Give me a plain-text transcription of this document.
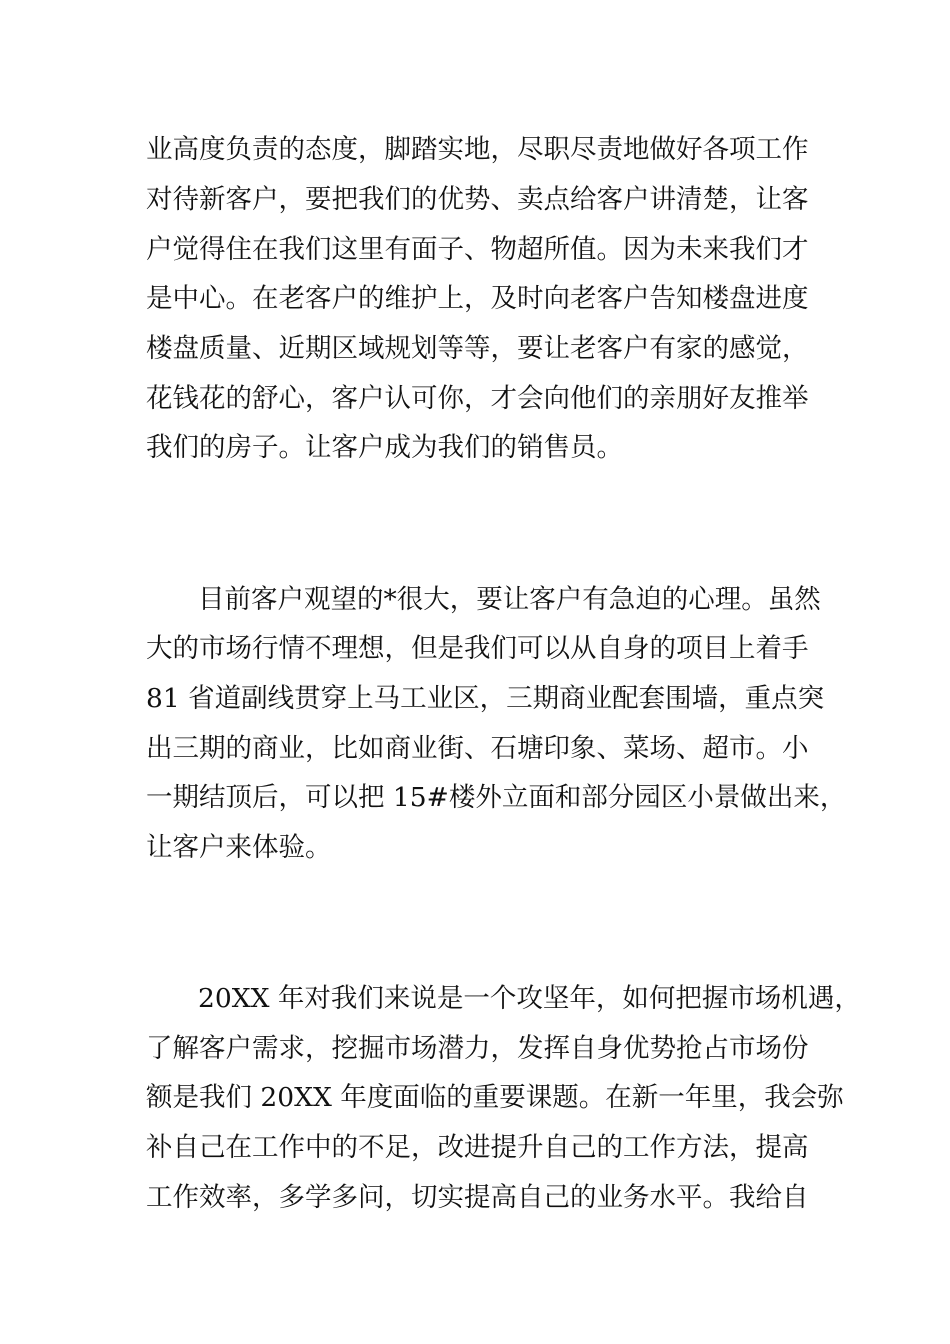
业高度负责的态度，脚踏实地，尽职尽责地做好各项工作
对待新客户，要把我们的优势、卖点给客户讲清楚，让客
户觉得住在我们这里有面子、物超所值。因为未来我们才
是中心。在老客户的维护上，及时向老客户告知楼盘进度
楼盘质量、近期区域规划等等，要让老客户有家的感觉，
花钱花的舒心，客户认可你，才会向他们的亲朋好友推举
我们的房子。让客户成为我们的销售员。
目前客户观望的*很大，要让客户有急迫的心理。虽然
大的市场行情不理想，但是我们可以从自身的项目上着手
81 省道副线贯穿上马工业区，三期商业配套围墙，重点突
出三期的商业，比如商业街、石塘印象、菜场、超市。小
一期结顶后，可以把 15#楼外立面和部分园区小景做出来，
让客户来体验。
20XX 年对我们来说是一个攻坚年，如何把握市场机遇，
了解客户需求，挖掘市场潜力，发挥自身优势抢占市场份
额是我们 20XX 年度面临的重要课题。在新一年里，我会弥
补自己在工作中的不足，改进提升自己的工作方法，提高
工作效率，多学多问，切实提高自己的业务水平。我给自
